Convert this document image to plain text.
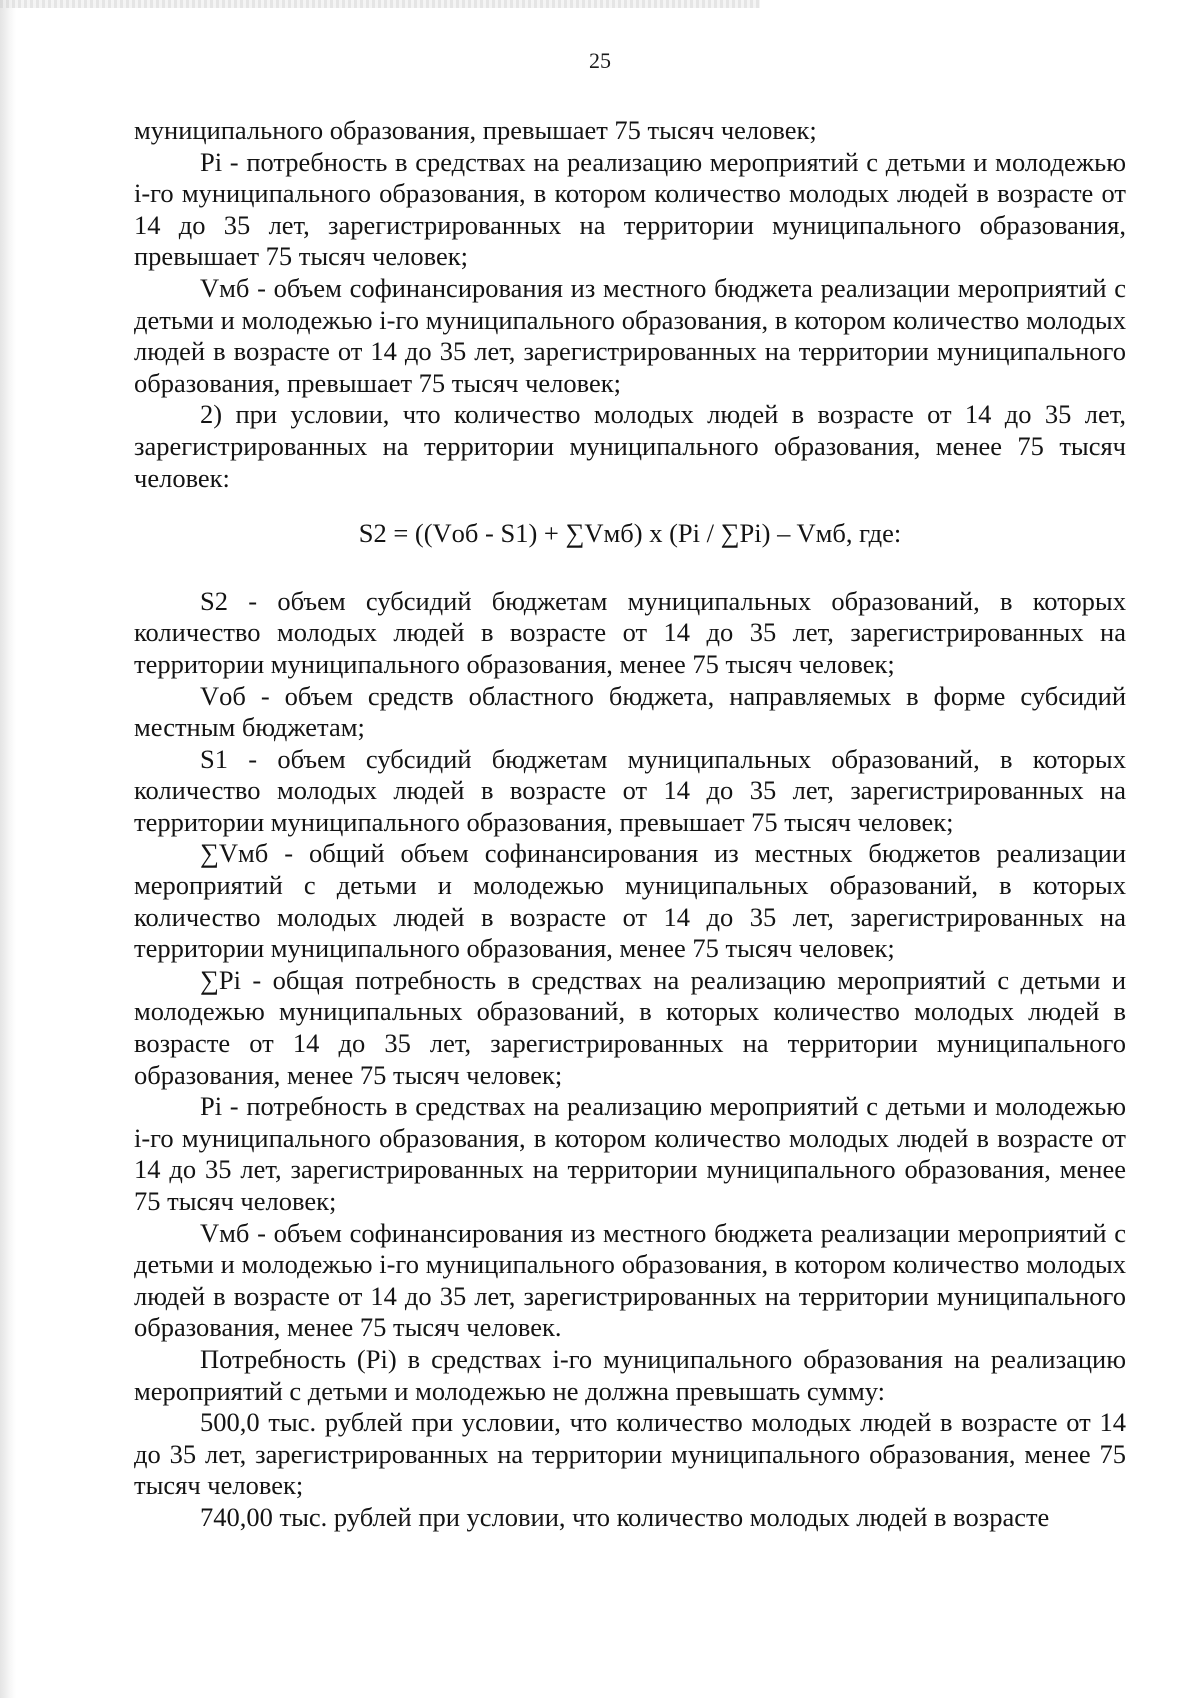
25

муниципального образования, превышает 75 тысяч человек;

Pi - потребность в средствах на реализацию мероприятий с детьми и молодежью i-го муниципального образования, в котором количество молодых людей в возрасте от 14 до 35 лет, зарегистрированных на территории муниципального образования, превышает 75 тысяч человек;

Vмб - объем софинансирования из местного бюджета реализации мероприятий с детьми и молодежью i-го муниципального образования, в котором количество молодых людей в возрасте от 14 до 35 лет, зарегистрированных на территории муниципального образования, превышает 75 тысяч человек;

2) при условии, что количество молодых людей в возрасте от 14 до 35 лет, зарегистрированных на территории муниципального образования, менее 75 тысяч человек:

S2 = ((Vоб - S1) + ∑Vмб) x (Pi / ∑Pi) – Vмб, где:

S2 - объем субсидий бюджетам муниципальных образований, в которых количество молодых людей в возрасте от 14 до 35 лет, зарегистрированных на территории муниципального образования, менее 75 тысяч человек;

Vоб - объем средств областного бюджета, направляемых в форме субсидий местным бюджетам;

S1 - объем субсидий бюджетам муниципальных образований, в которых количество молодых людей в возрасте от 14 до 35 лет, зарегистрированных на территории муниципального образования, превышает 75 тысяч человек;

∑Vмб - общий объем софинансирования из местных бюджетов реализации мероприятий с детьми и молодежью муниципальных образований, в которых количество молодых людей в возрасте от 14 до 35 лет, зарегистрированных на территории муниципального образования, менее 75 тысяч человек;

∑Pi - общая потребность в средствах на реализацию мероприятий с детьми и молодежью муниципальных образований, в которых количество молодых людей в возрасте от 14 до 35 лет, зарегистрированных на территории муниципального образования, менее 75 тысяч человек;

Pi - потребность в средствах на реализацию мероприятий с детьми и молодежью i-го муниципального образования, в котором количество молодых людей в возрасте от 14 до 35 лет, зарегистрированных на территории муниципального образования, менее 75 тысяч человек;

Vмб - объем софинансирования из местного бюджета реализации мероприятий с детьми и молодежью i-го муниципального образования, в котором количество молодых людей в возрасте от 14 до 35 лет, зарегистрированных на территории муниципального образования, менее 75 тысяч человек.

Потребность (Pi) в средствах i-го муниципального образования на реализацию мероприятий с детьми и молодежью не должна превышать сумму:

500,0 тыс. рублей при условии, что количество молодых людей в возрасте от 14 до 35 лет, зарегистрированных на территории муниципального образования, менее 75 тысяч человек;

740,00 тыс. рублей при условии, что количество молодых людей в возрасте
